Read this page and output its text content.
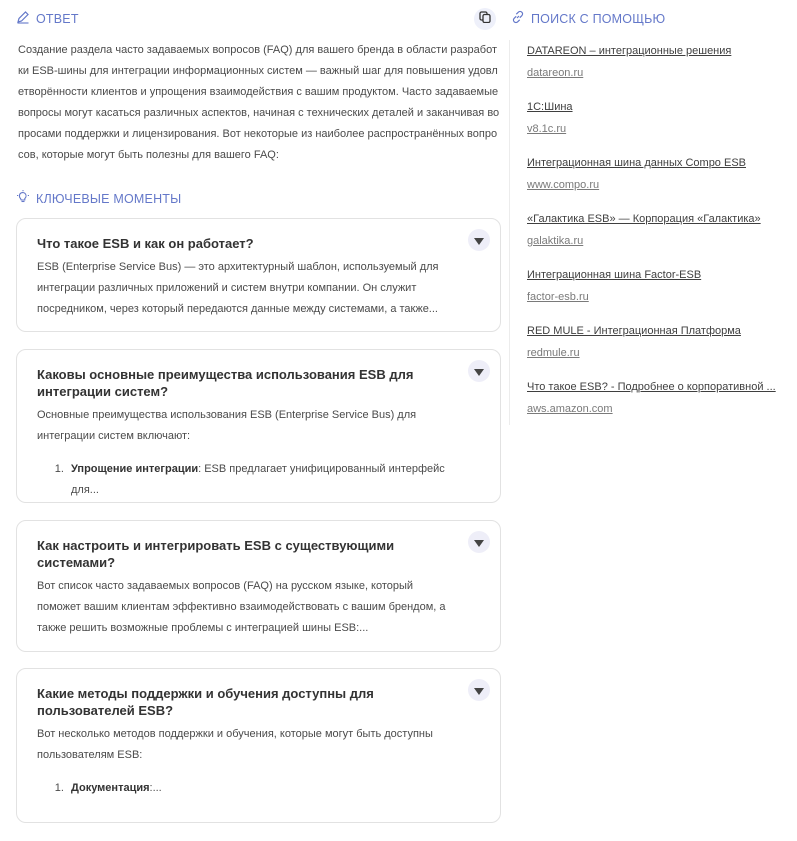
ОТВЕТ
Создание раздела часто задаваемых вопросов (FAQ) для вашего бренда в области разработки ESB-шины для интеграции информационных систем — важный шаг для повышения удовлетворённости клиентов и упрощения взаимодействия с вашим продуктом. Часто задаваемые вопросы могут касаться различных аспектов, начиная с технических деталей и заканчивая вопросами поддержки и лицензирования. Вот некоторые из наиболее распространённых вопросов, которые могут быть полезны для вашего FAQ:
КЛЮЧЕВЫЕ МОМЕНТЫ
Что такое ESB и как он работает?
ESB (Enterprise Service Bus) — это архитектурный шаблон, используемый для интеграции различных приложений и систем внутри компании. Он служит посредником, через который передаются данные между системами, а также...
Каковы основные преимущества использования ESB для интеграции систем?
Основные преимущества использования ESB (Enterprise Service Bus) для интеграции систем включают:
1. Упрощение интеграции: ESB предлагает унифицированный интерфейс для...
Как настроить и интегрировать ESB с существующими системами?
Вот список часто задаваемых вопросов (FAQ) на русском языке, который поможет вашим клиентам эффективно взаимодействовать с вашим брендом, а также решить возможные проблемы с интеграцией шины ESB:...
Какие методы поддержки и обучения доступны для пользователей ESB?
Вот несколько методов поддержки и обучения, которые могут быть доступны пользователям ESB:
1. Документация:...
ПОИСК С ПОМОЩЬЮ
DATAREON – интеграционные решения
datareon.ru
1С:Шина
v8.1c.ru
Интеграционная шина данных Compo ESB
www.compo.ru
«Галактика ESB» — Корпорация «Галактика»
galaktika.ru
Интеграционная шина Factor-ESB
factor-esb.ru
RED MULE - Интеграционная Платформа
redmule.ru
Что такое ESB? - Подробнее о корпоративной ...
aws.amazon.com
